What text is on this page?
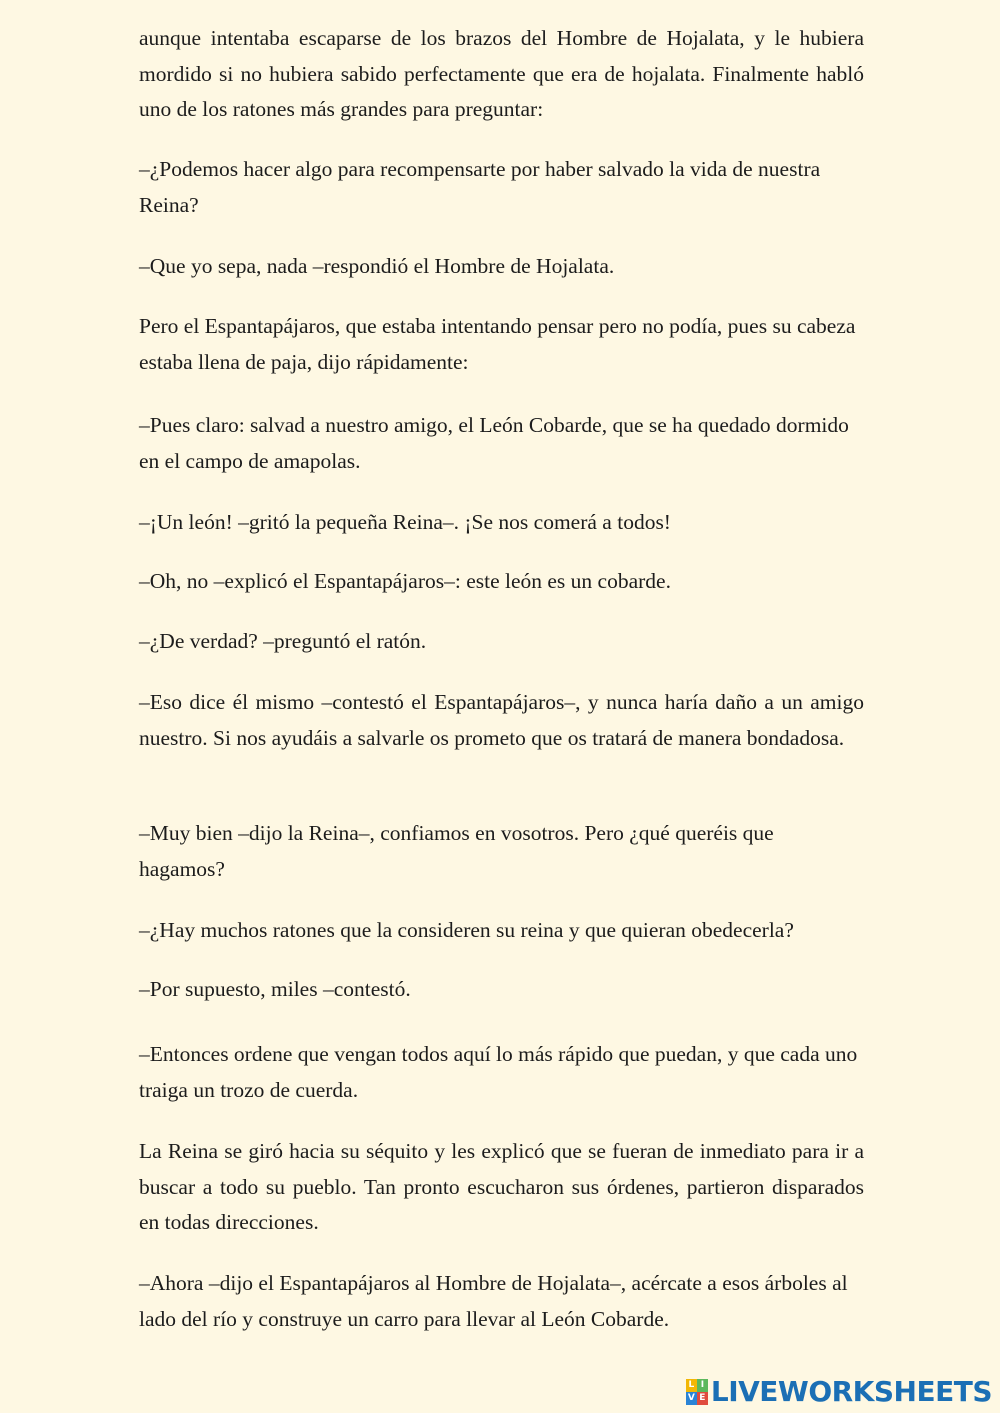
aunque intentaba escaparse de los brazos del Hombre de Hojalata, y le hubiera mordido si no hubiera sabido perfectamente que era de hojalata. Finalmente habló uno de los ratones más grandes para preguntar:

–¿Podemos hacer algo para recompensarte por haber salvado la vida de nuestra Reina?

–Que yo sepa, nada –respondió el Hombre de Hojalata.

Pero el Espantapájaros, que estaba intentando pensar pero no podía, pues su cabeza estaba llena de paja, dijo rápidamente:

–Pues claro: salvad a nuestro amigo, el León Cobarde, que se ha quedado dormido en el campo de amapolas.

–¡Un león! –gritó la pequeña Reina–. ¡Se nos comerá a todos!

–Oh, no –explicó el Espantapájaros–: este león es un cobarde.

–¿De verdad? –preguntó el ratón.

–Eso dice él mismo –contestó el Espantapájaros–, y nunca haría daño a un amigo nuestro. Si nos ayudáis a salvarle os prometo que os tratará de manera bondadosa.

–Muy bien –dijo la Reina–, confiamos en vosotros. Pero ¿qué queréis que hagamos?

–¿Hay muchos ratones que la consideren su reina y que quieran obedecerla?

–Por supuesto, miles –contestó.

–Entonces ordene que vengan todos aquí lo más rápido que puedan, y que cada uno traiga un trozo de cuerda.

La Reina se giró hacia su séquito y les explicó que se fueran de inmediato para ir a buscar a todo su pueblo. Tan pronto escucharon sus órdenes, partieron disparados en todas direcciones.

–Ahora –dijo el Espantapájaros al Hombre de Hojalata–, acércate a esos árboles al lado del río y construye un carro para llevar al León Cobarde.

L I
V E LIVEWORKSHEETS
